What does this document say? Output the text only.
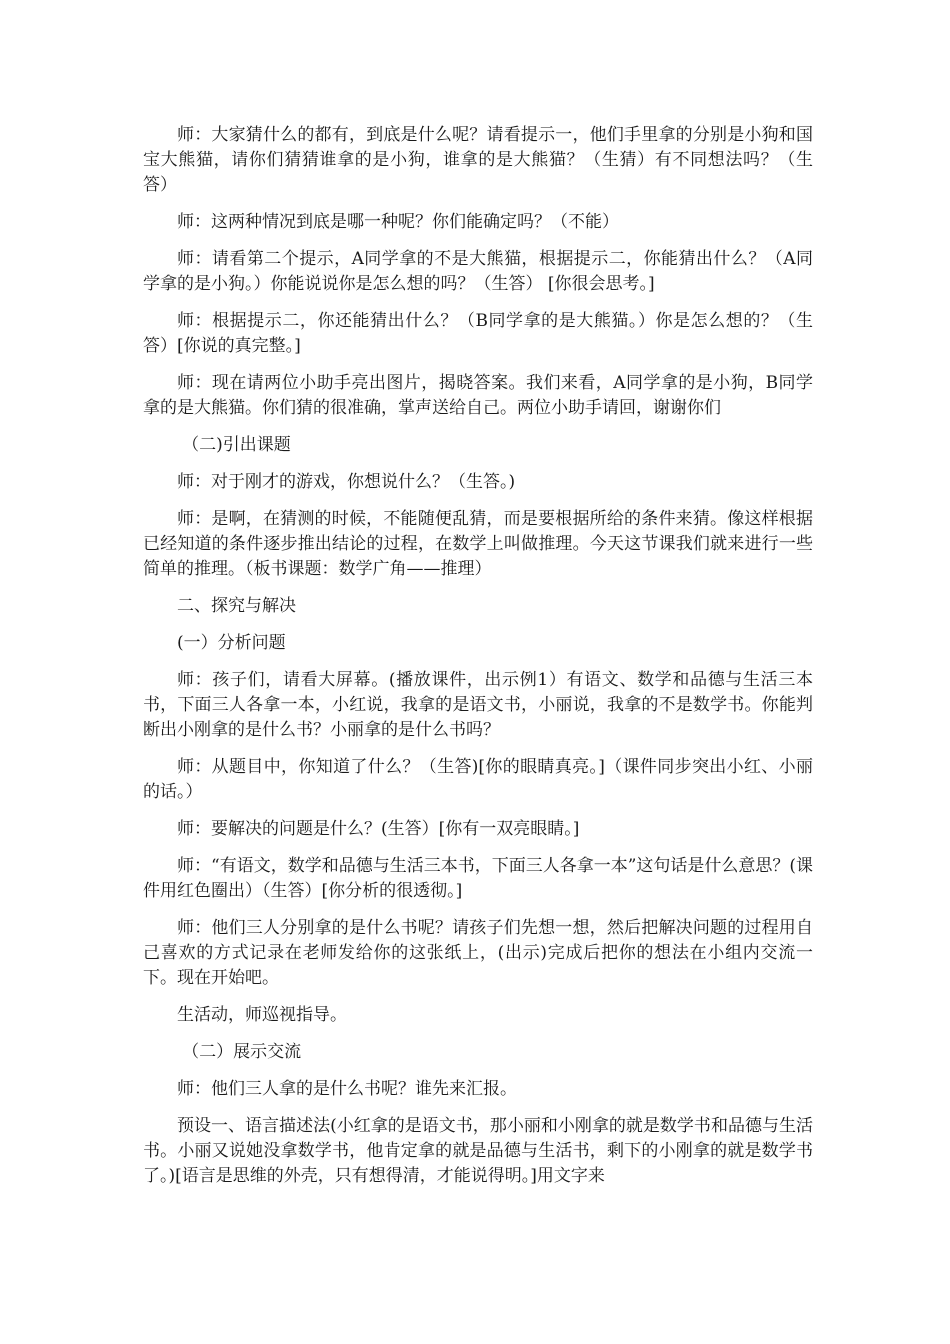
师：大家猜什么的都有，到底是什么呢？请看提示一，他们手里拿的分别是小狗和国宝大熊猫，请你们猜猜谁拿的是小狗，谁拿的是大熊猫？（生猜）有不同想法吗？（生答）

师：这两种情况到底是哪一种呢？你们能确定吗？（不能）

师：请看第二个提示，A同学拿的不是大熊猫，根据提示二，你能猜出什么？（A同学拿的是小狗。）你能说说你是怎么想的吗？（生答） [你很会思考。]

师：根据提示二，你还能猜出什么？（B同学拿的是大熊猫。）你是怎么想的？（生答）[你说的真完整。]

师：现在请两位小助手亮出图片，揭晓答案。我们来看，A同学拿的是小狗，B同学拿的是大熊猫。你们猜的很准确，掌声送给自己。两位小助手请回，谢谢你们

（二)引出课题

师：对于刚才的游戏，你想说什么？（生答。)

师：是啊，在猜测的时候，不能随便乱猜，而是要根据所给的条件来猜。像这样根据已经知道的条件逐步推出结论的过程，在数学上叫做推理。今天这节课我们就来进行一些简单的推理。（板书课题：数学广角——推理）

二、探究与解决

(一）分析问题

师：孩子们，请看大屏幕。(播放课件，出示例1）有语文、数学和品德与生活三本书，下面三人各拿一本，小红说，我拿的是语文书，小丽说，我拿的不是数学书。你能判断出小刚拿的是什么书？小丽拿的是什么书吗？

师：从题目中，你知道了什么？（生答)[你的眼睛真亮。]（课件同步突出小红、小丽的话。）

师：要解决的问题是什么？(生答）[你有一双亮眼睛。]

师：“有语文，数学和品德与生活三本书，下面三人各拿一本”这句话是什么意思？(课件用红色圈出）（生答）[你分析的很透彻。]

师：他们三人分别拿的是什么书呢？请孩子们先想一想，然后把解决问题的过程用自己喜欢的方式记录在老师发给你的这张纸上，(出示)完成后把你的想法在小组内交流一下。现在开始吧。

生活动，师巡视指导。

（二）展示交流

师：他们三人拿的是什么书呢？谁先来汇报。

预设一、语言描述法(小红拿的是语文书，那小丽和小刚拿的就是数学书和品德与生活书。小丽又说她没拿数学书，他肯定拿的就是品德与生活书，剩下的小刚拿的就是数学书了。)[语言是思维的外壳，只有想得清，才能说得明。]用文字来
